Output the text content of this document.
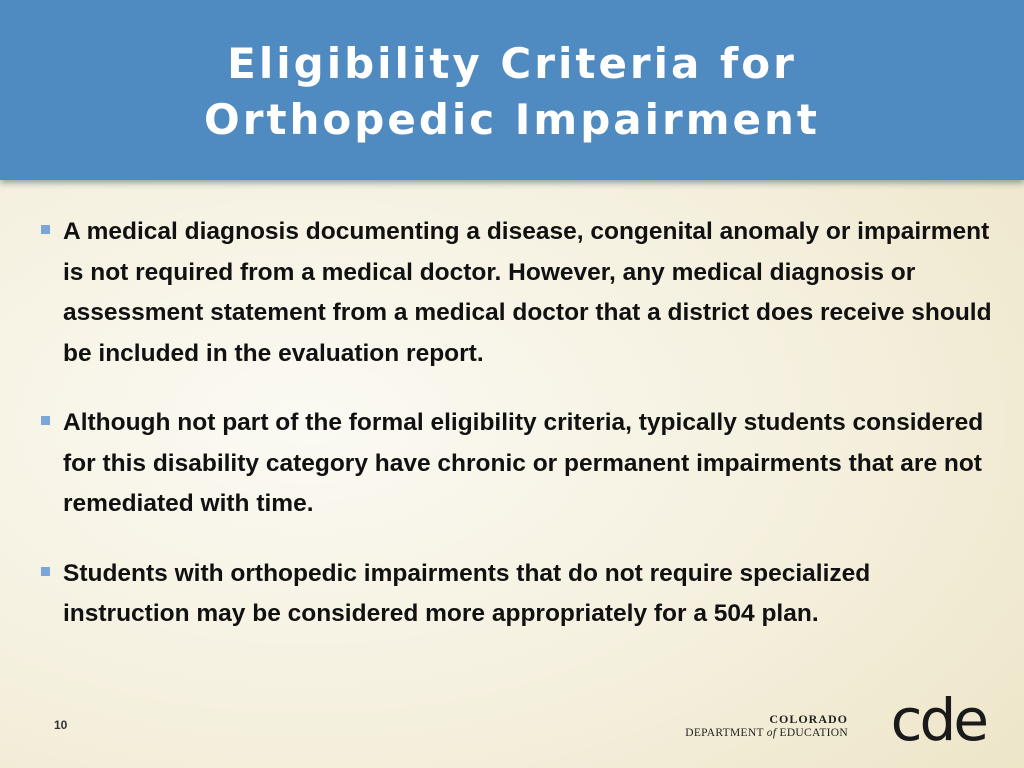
Eligibility Criteria for
Orthopedic Impairment
A medical diagnosis documenting a disease, congenital anomaly or impairment is not required from a medical doctor. However, any medical diagnosis or assessment statement from a medical doctor that a district does receive should be included in the evaluation report.
Although not part of the formal eligibility criteria, typically students considered for this disability category have chronic or permanent impairments that are not remediated with time.
Students with orthopedic impairments that do not require specialized instruction may be considered more appropriately for a 504 plan.
10	COLORADO
DEPARTMENT of EDUCATION cde
